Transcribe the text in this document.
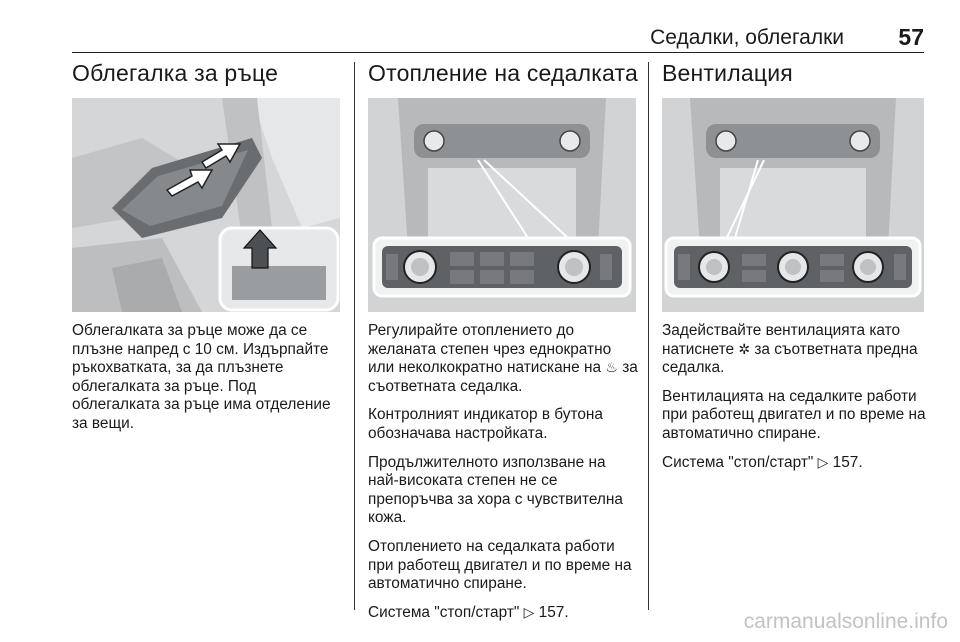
Седалки, облегалки 57
Облегалка за ръце

Облегалката за ръце може да се плъзне напред с 10 см. Издърпайте ръкохватката, за да плъзнете облегалката за ръце. Под облегалката за ръце има отделение за вещи.

Отопление на седалката

Регулирайте отоплението до желаната степен чрез еднократно или неколкократно натискане на ♨ за съответната седалка.

Контролният индикатор в бутона обозначава настройката.

Продължителното използване на най-високата степен не се препоръчва за хора с чувствителна кожа.

Отоплението на седалката работи при работещ двигател и по време на автоматично спиране.

Система "стоп/старт" ▷ 157.

Вентилация

Задействайте вентилацията като натиснете ✲ за съответната предна седалка.

Вентилацията на седалките работи при работещ двигател и по време на автоматично спиране.

Система "стоп/старт" ▷ 157.

carmanualsonline.info
